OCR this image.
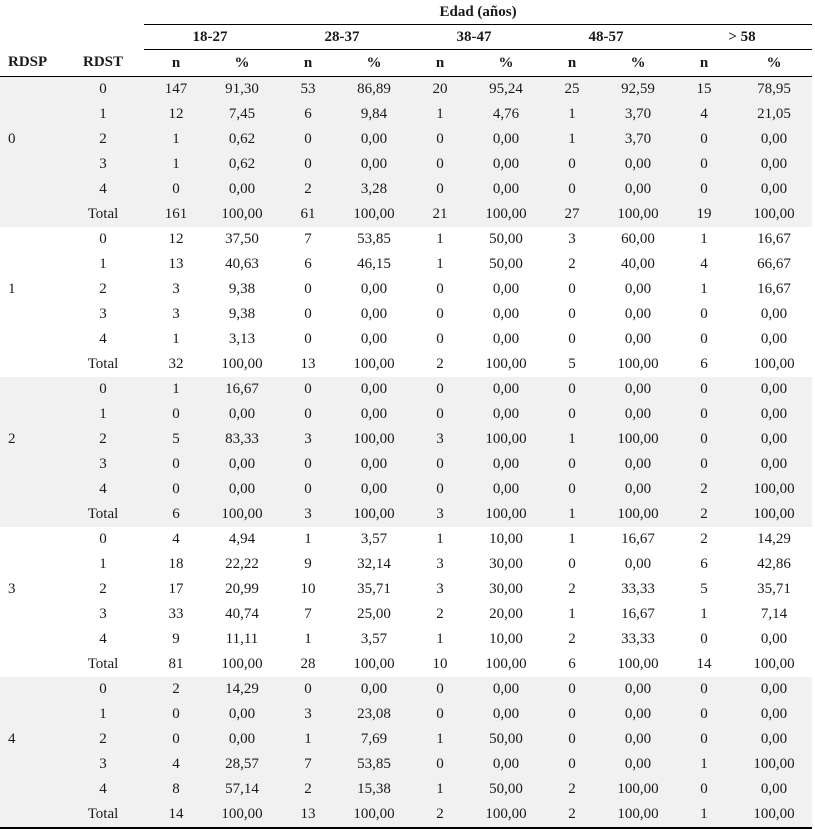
		Edad (años)									
		18-27		28-37		38-47		48-57		> 58	
RDSP	RDST	n	%	n	%	n	%	n	%	n	%
	0	147	91,30	53	86,89	20	95,24	25	92,59	15	78,95
	1	12	7,45	6	9,84	1	4,76	1	3,70	4	21,05
0	2	1	0,62	0	0,00	0	0,00	1	3,70	0	0,00
	3	1	0,62	0	0,00	0	0,00	0	0,00	0	0,00
	4	0	0,00	2	3,28	0	0,00	0	0,00	0	0,00
	Total	161	100,00	61	100,00	21	100,00	27	100,00	19	100,00
	0	12	37,50	7	53,85	1	50,00	3	60,00	1	16,67
	1	13	40,63	6	46,15	1	50,00	2	40,00	4	66,67
1	2	3	9,38	0	0,00	0	0,00	0	0,00	1	16,67
	3	3	9,38	0	0,00	0	0,00	0	0,00	0	0,00
	4	1	3,13	0	0,00	0	0,00	0	0,00	0	0,00
	Total	32	100,00	13	100,00	2	100,00	5	100,00	6	100,00
	0	1	16,67	0	0,00	0	0,00	0	0,00	0	0,00
	1	0	0,00	0	0,00	0	0,00	0	0,00	0	0,00
2	2	5	83,33	3	100,00	3	100,00	1	100,00	0	0,00
	3	0	0,00	0	0,00	0	0,00	0	0,00	0	0,00
	4	0	0,00	0	0,00	0	0,00	0	0,00	2	100,00
	Total	6	100,00	3	100,00	3	100,00	1	100,00	2	100,00
	0	4	4,94	1	3,57	1	10,00	1	16,67	2	14,29
	1	18	22,22	9	32,14	3	30,00	0	0,00	6	42,86
3	2	17	20,99	10	35,71	3	30,00	2	33,33	5	35,71
	3	33	40,74	7	25,00	2	20,00	1	16,67	1	7,14
	4	9	11,11	1	3,57	1	10,00	2	33,33	0	0,00
	Total	81	100,00	28	100,00	10	100,00	6	100,00	14	100,00
	0	2	14,29	0	0,00	0	0,00	0	0,00	0	0,00
	1	0	0,00	3	23,08	0	0,00	0	0,00	0	0,00
4	2	0	0,00	1	7,69	1	50,00	0	0,00	0	0,00
	3	4	28,57	7	53,85	0	0,00	0	0,00	1	100,00
	4	8	57,14	2	15,38	1	50,00	2	100,00	0	0,00
	Total	14	100,00	13	100,00	2	100,00	2	100,00	1	100,00
